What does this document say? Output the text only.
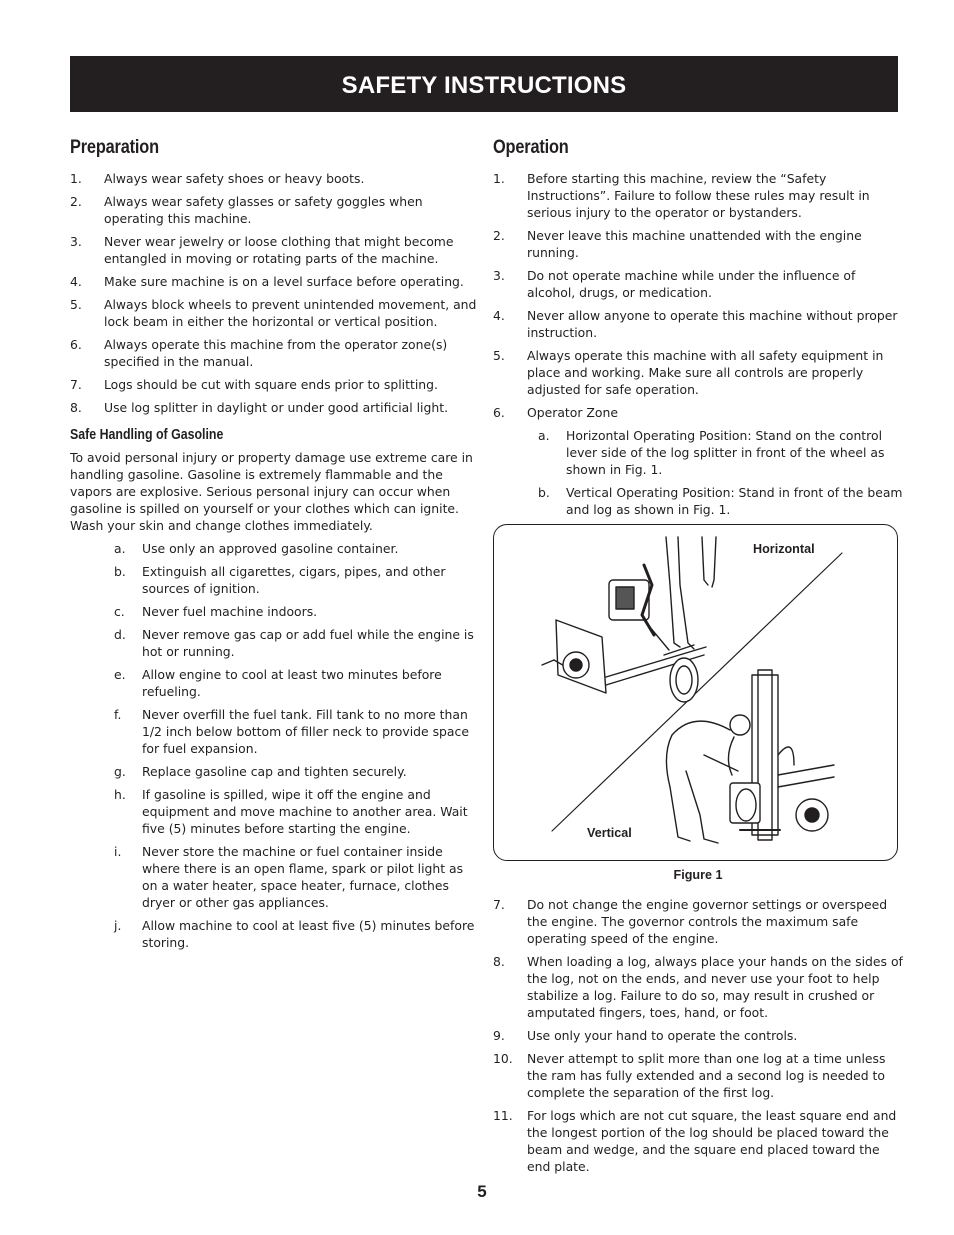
SAFETY INSTRUCTIONS
Preparation
1.	Always wear safety shoes or heavy boots.
2.	Always wear safety glasses or safety goggles when operating this machine.
3.	Never wear jewelry or loose clothing that might become entangled in moving or rotating parts of the machine.
4.	Make sure machine is on a level surface before operating.
5.	Always block wheels to prevent unintended movement, and lock beam in either the horizontal or vertical position.
6.	Always operate this machine from the operator zone(s) specified in the manual.
7.	Logs should be cut with square ends prior to splitting.
8.	Use log splitter in daylight or under good artificial light.
Safe Handling of Gasoline

To avoid personal injury or property damage use extreme care in handling gasoline. Gasoline is extremely flammable and the vapors are explosive. Serious personal injury can occur when gasoline is spilled on yourself or your clothes which can ignite. Wash your skin and change clothes immediately.

a.	Use only an approved gasoline container.
b.	Extinguish all cigarettes, cigars, pipes, and other sources of ignition.
c.	Never fuel machine indoors.
d.	Never remove gas cap or add fuel while the engine is hot or running.
e.	Allow engine to cool at least two minutes before refueling.
f.	Never overfill the fuel tank. Fill tank to no more than 1/2 inch below bottom of filler neck to provide space for fuel expansion.
g.	Replace gasoline cap and tighten securely.
h.	If gasoline is spilled, wipe it off the engine and equipment and move machine to another area. Wait five (5) minutes before starting the engine.
i.	Never store the machine or fuel container inside where there is an open flame, spark or pilot light as on a water heater, space heater, furnace, clothes dryer or other gas appliances.
j.	Allow machine to cool at least five (5) minutes before storing.
Operation
1.	Before starting this machine, review the “Safety Instructions”. Failure to follow these rules may result in serious injury to the operator or bystanders.
2.	Never leave this machine unattended with the engine running.
3.	Do not operate machine while under the influence of alcohol, drugs, or medication.
4.	Never allow anyone to operate this machine without proper instruction.
5.	Always operate this machine with all safety equipment in place and working. Make sure all controls are properly adjusted for safe operation.
6.	Operator Zone
a.	Horizontal Operating Position: Stand on the control lever side of the log splitter in front of the wheel as shown in Fig. 1.
b.	Vertical Operating Position: Stand in front of the beam and log as shown in Fig. 1.
Horizontal
Vertical
Figure 1
7.	Do not change the engine governor settings or overspeed the engine. The governor controls the maximum safe operating speed of the engine.
8.	When loading a log, always place your hands on the sides of the log, not on the ends, and never use your foot to help stabilize a log. Failure to do so, may result in crushed or amputated fingers, toes, hand, or foot.
9.	Use only your hand to operate the controls.
10.	Never attempt to split more than one log at a time unless the ram has fully extended and a second log is needed to complete the separation of the first log.
11.	For logs which are not cut square, the least square end and the longest portion of the log should be placed toward the beam and wedge, and the square end placed toward the end plate.
5
